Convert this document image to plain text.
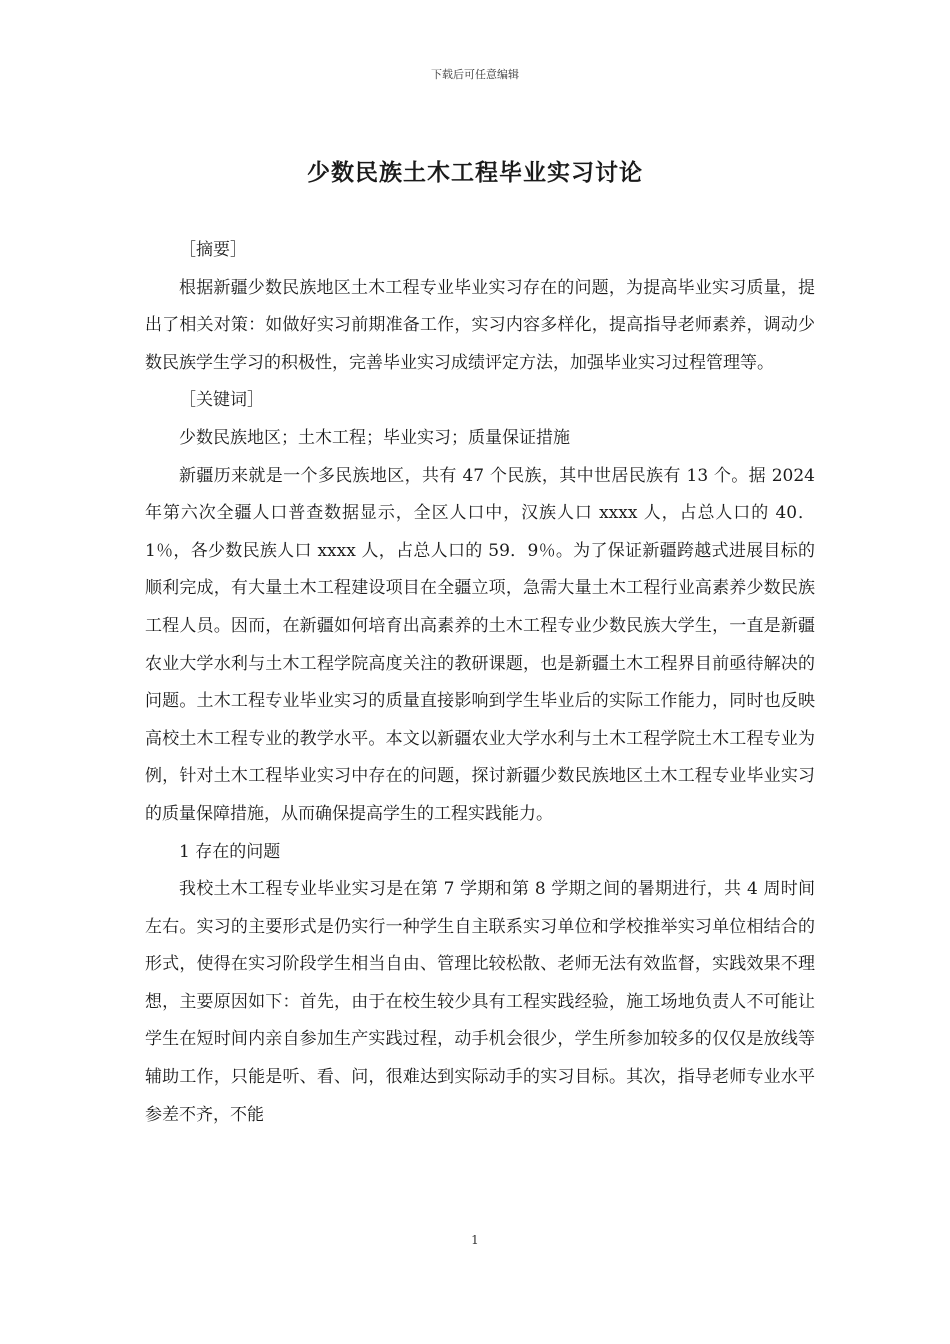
下载后可任意编辑
少数民族土木工程毕业实习讨论

［摘要］

根据新疆少数民族地区土木工程专业毕业实习存在的问题，为提高毕业实习质量，提出了相关对策：如做好实习前期准备工作，实习内容多样化，提高指导老师素养，调动少数民族学生学习的积极性，完善毕业实习成绩评定方法，加强毕业实习过程管理等。

［关键词］

少数民族地区；土木工程；毕业实习；质量保证措施

新疆历来就是一个多民族地区，共有 47 个民族，其中世居民族有 13 个。据 2024 年第六次全疆人口普查数据显示，全区人口中，汉族人口 xxxx 人，占总人口的 40．1％，各少数民族人口 xxxx 人，占总人口的 59．9％。为了保证新疆跨越式进展目标的顺利完成，有大量土木工程建设项目在全疆立项，急需大量土木工程行业高素养少数民族工程人员。因而，在新疆如何培育出高素养的土木工程专业少数民族大学生，一直是新疆农业大学水利与土木工程学院高度关注的教研课题，也是新疆土木工程界目前亟待解决的问题。土木工程专业毕业实习的质量直接影响到学生毕业后的实际工作能力，同时也反映高校土木工程专业的教学水平。本文以新疆农业大学水利与土木工程学院土木工程专业为例，针对土木工程毕业实习中存在的问题，探讨新疆少数民族地区土木工程专业毕业实习的质量保障措施，从而确保提高学生的工程实践能力。

1 存在的问题

我校土木工程专业毕业实习是在第 7 学期和第 8 学期之间的暑期进行，共 4 周时间左右。实习的主要形式是仍实行一种学生自主联系实习单位和学校推举实习单位相结合的形式，使得在实习阶段学生相当自由、管理比较松散、老师无法有效监督，实践效果不理想，主要原因如下：首先，由于在校生较少具有工程实践经验，施工场地负责人不可能让学生在短时间内亲自参加生产实践过程，动手机会很少，学生所参加较多的仅仅是放线等辅助工作，只能是听、看、问，很难达到实际动手的实习目标。其次，指导老师专业水平参差不齐，不能

1
